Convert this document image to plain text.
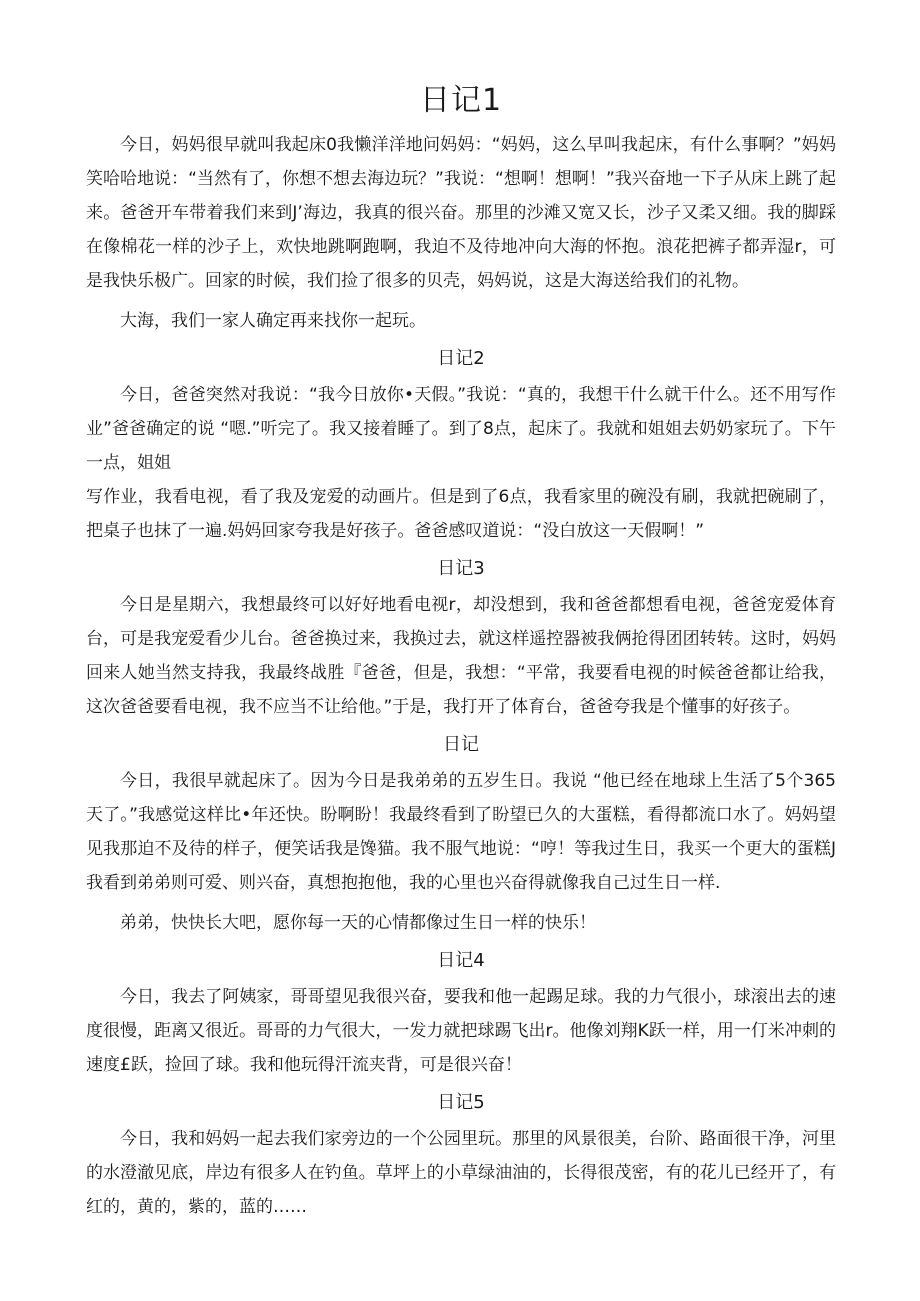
日记1

今日，妈妈很早就叫我起床0我懒洋洋地问妈妈：“妈妈，这么早叫我起床，有什么事啊？”妈妈笑哈哈地说：“当然有了，你想不想去海边玩？”我说：“想啊！想啊！”我兴奋地一下子从床上跳了起来。爸爸开车带着我们来到J’海边，我真的很兴奋。那里的沙滩又宽又长，沙子又柔又细。我的脚踩在像棉花一样的沙子上，欢快地跳啊跑啊，我迫不及待地冲向大海的怀抱。浪花把裤子都弄湿r，可是我快乐极广。回家的时候，我们捡了很多的贝壳，妈妈说，这是大海送给我们的礼物。

大海，我们一家人确定再来找你一起玩。

日记2

今日，爸爸突然对我说：“我今日放你•天假。”我说：“真的，我想干什么就干什么。还不用写作业”爸爸确定的说 “嗯.”听完了。我又接着睡了。到了8点，起床了。我就和姐姐去奶奶家玩了。下午一点，姐姐

写作业，我看电视，看了我及宠爱的动画片。但是到了6点，我看家里的碗没有刷，我就把碗刷了，把桌子也抹了一遍.妈妈回家夸我是好孩子。爸爸感叹道说：“没白放这一天假啊！”

日记3

今日是星期六，我想最终可以好好地看电视r，却没想到，我和爸爸都想看电视，爸爸宠爱体育台，可是我宠爱看少儿台。爸爸换过来，我换过去，就这样遥控器被我俩抢得团团转转。这时，妈妈回来人她当然支持我，我最终战胜『爸爸，但是，我想：“平常，我要看电视的时候爸爸都让给我，这次爸爸要看电视，我不应当不让给他。”于是，我打开了体育台，爸爸夸我是个懂事的好孩子。

日记

今日，我很早就起床了。因为今日是我弟弟的五岁生日。我说 “他已经在地球上生活了5个365天了。”我感觉这样比•年还快。盼啊盼！我最终看到了盼望已久的大蛋糕，看得都流口水了。妈妈望见我那迫不及待的样子，便笑话我是馋猫。我不服气地说：“哼！等我过生日，我买一个更大的蛋糕J我看到弟弟则可爱、则兴奋，真想抱抱他，我的心里也兴奋得就像我自己过生日一样.

弟弟，快快长大吧，愿你每一天的心情都像过生日一样的快乐！

日记4

今日，我去了阿姨家，哥哥望见我很兴奋，要我和他一起踢足球。我的力气很小，球滚出去的速度很慢，距离又很近。哥哥的力气很大，一发力就把球踢飞出r。他像刘翔K跃一样，用一仃米冲刺的速度£跃，捡回了球。我和他玩得汗流夹背，可是很兴奋！

日记5

今日，我和妈妈一起去我们家旁边的一个公园里玩。那里的风景很美，台阶、路面很干净，河里的水澄澈见底，岸边有很多人在钓鱼。草坪上的小草绿油油的，长得很茂密，有的花儿已经开了，有红的，黄的，紫的，蓝的……
